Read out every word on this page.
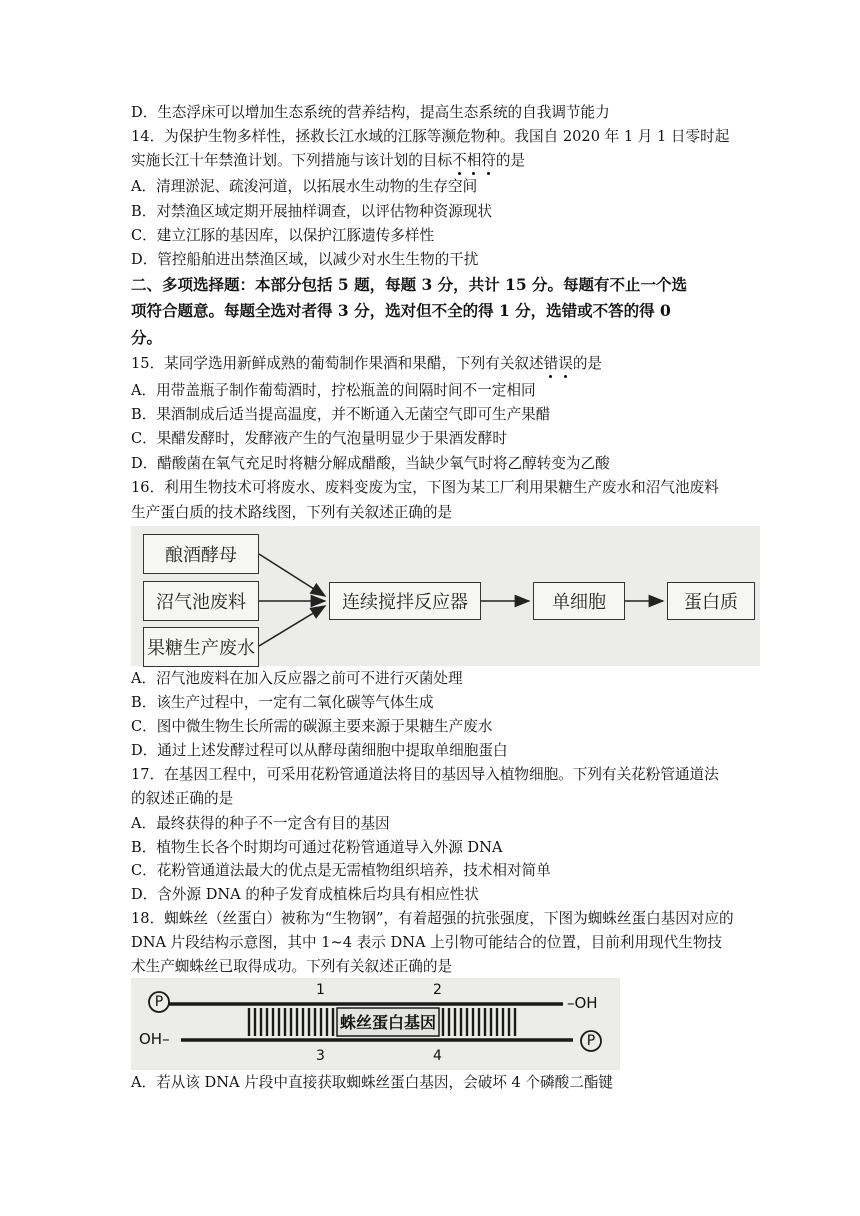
D．生态浮床可以增加生态系统的营养结构，提高生态系统的自我调节能力
14．为保护生物多样性，拯救长江水域的江豚等濒危物种。我国自 2020 年 1 月 1 日零时起
实施长江十年禁渔计划。下列措施与该计划的目标不相符的是
A．清理淤泥、疏浚河道，以拓展水生动物的生存空间
B．对禁渔区域定期开展抽样调查，以评估物种资源现状
C．建立江豚的基因库，以保护江豚遗传多样性
D．管控船舶进出禁渔区域，以减少对水生生物的干扰
二、多项选择题：本部分包括 5 题，每题 3 分，共计 15 分。每题有不止一个选
项符合题意。每题全选对者得 3 分，选对但不全的得 1 分，选错或不答的得 0
分。
15．某同学选用新鲜成熟的葡萄制作果酒和果醋，下列有关叙述错误的是
A．用带盖瓶子制作葡萄酒时，拧松瓶盖的间隔时间不一定相同
B．果酒制成后适当提高温度，并不断通入无菌空气即可生产果醋
C．果醋发酵时，发酵液产生的气泡量明显少于果酒发酵时
D．醋酸菌在氧气充足时将糖分解成醋酸，当缺少氧气时将乙醇转变为乙酸
16．利用生物技术可将废水、废料变废为宝，下图为某工厂利用果糖生产废水和沼气池废料
生产蛋白质的技术路线图，下列有关叙述正确的是
酿酒酵母
沼气池废料
果糖生产废水
连续搅拌反应器	单细胞	蛋白质
A．沼气池废料在加入反应器之前可不进行灭菌处理
B．该生产过程中，一定有二氧化碳等气体生成
C．图中微生物生长所需的碳源主要来源于果糖生产废水
D．通过上述发酵过程可以从酵母菌细胞中提取单细胞蛋白
17．在基因工程中，可采用花粉管通道法将目的基因导入植物细胞。下列有关花粉管通道法
的叙述正确的是
A．最终获得的种子不一定含有目的基因
B．植物生长各个时期均可通过花粉管通道导入外源 DNA
C．花粉管通道法最大的优点是无需植物组织培养，技术相对简单
D．含外源 DNA 的种子发育成植株后均具有相应性状
18．蜘蛛丝（丝蛋白）被称为“生物钢”，有着超强的抗张强度，下图为蜘蛛丝蛋白基因对应的
DNA 片段结构示意图，其中 1~4 表示 DNA 上引物可能结合的位置，目前利用现代生物技
术生产蜘蛛丝已取得成功。下列有关叙述正确的是
P
P
–OH
OH–
蛛丝蛋白基因
1	2
3	4
A．若从该 DNA 片段中直接获取蜘蛛丝蛋白基因，会破坏 4 个磷酸二酯键
